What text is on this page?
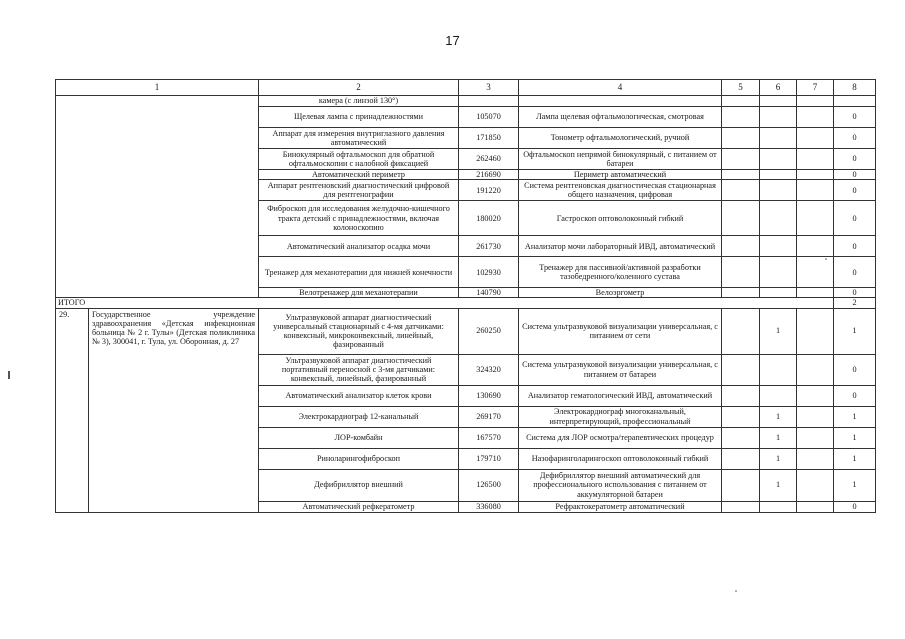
17
1		2	3	4	5	6	7	8
		камера (с линзой 130°)						
		Щелевая лампа с принадлежностями	105070	Лампа щелевая офтальмологическая, смотровая				0
		Аппарат для измерения внутриглазного давления автоматический	171850	Тонометр офтальмологический, ручной				0
		Бинокулярный офтальмоскоп для обратной офтальмоскопии с налобной фиксацией	262460	Офтальмоскоп непрямой бинокулярный, с питанием от батареи				0
		Автоматический периметр	216690	Периметр автоматический				0
		Аппарат рентгеновский диагностический цифровой для рентгенографии	191220	Система рентгеновская диагностическая стационарная общего назначения, цифровая				0
		Фиброскоп для исследования желудочно-кишечного тракта детский с принадлежностями, включая колоноскопию	180020	Гастроскоп оптоволоконный гибкий				0
		Автоматический анализатор осадка мочи	261730	Анализатор мочи лабораторный ИВД, автоматический				0
		Тренажер для механотерапии для нижней конечности	102930	Тренажер для пассивной/активной разработки тазобедренного/коленного сустава				0
		Велотренажер для механотерапии	140790	Велоэргометр				0
ИТОГО								2
29.	Государственное учреждение здравоохранения «Детская инфекционная больница № 2 г. Тулы» (Детская поликлиника № 3), 300041, г. Тула, ул. Оборонная, д. 27	Ультразвуковой аппарат диагностический универсальный стационарный с 4-мя датчиками: конвексный, микроконвексный, линейный, фазированный	260250	Система ультразвуковой визуализации универсальная, с питанием от сети		1		1
		Ультразвуковой аппарат диагностический портативный переносной с 3-мя датчиками: конвексный, линейный, фазированный	324320	Система ультразвуковой визуализации универсальная, с питанием от батареи				0
		Автоматический анализатор клеток крови	130690	Анализатор гематологический ИВД, автоматический				0
		Электрокардиограф 12-канальный	269170	Электрокардиограф многоканальный, интерпретирующий, профессиональный		1		1
		ЛОР-комбайн	167570	Система для ЛОР осмотра/терапевтических процедур		1		1
		Риноларингофиброскоп	179710	Назофаринголарингоскоп оптоволоконный гибкий		1		1
		Дефибриллятор внешний	126500	Дефибриллятор внешний автоматический для профессионального использования с питанием от аккумуляторной батареи		1		1
		Автоматический рефкератометр	336080	Рефрактокератометр автоматический				0
